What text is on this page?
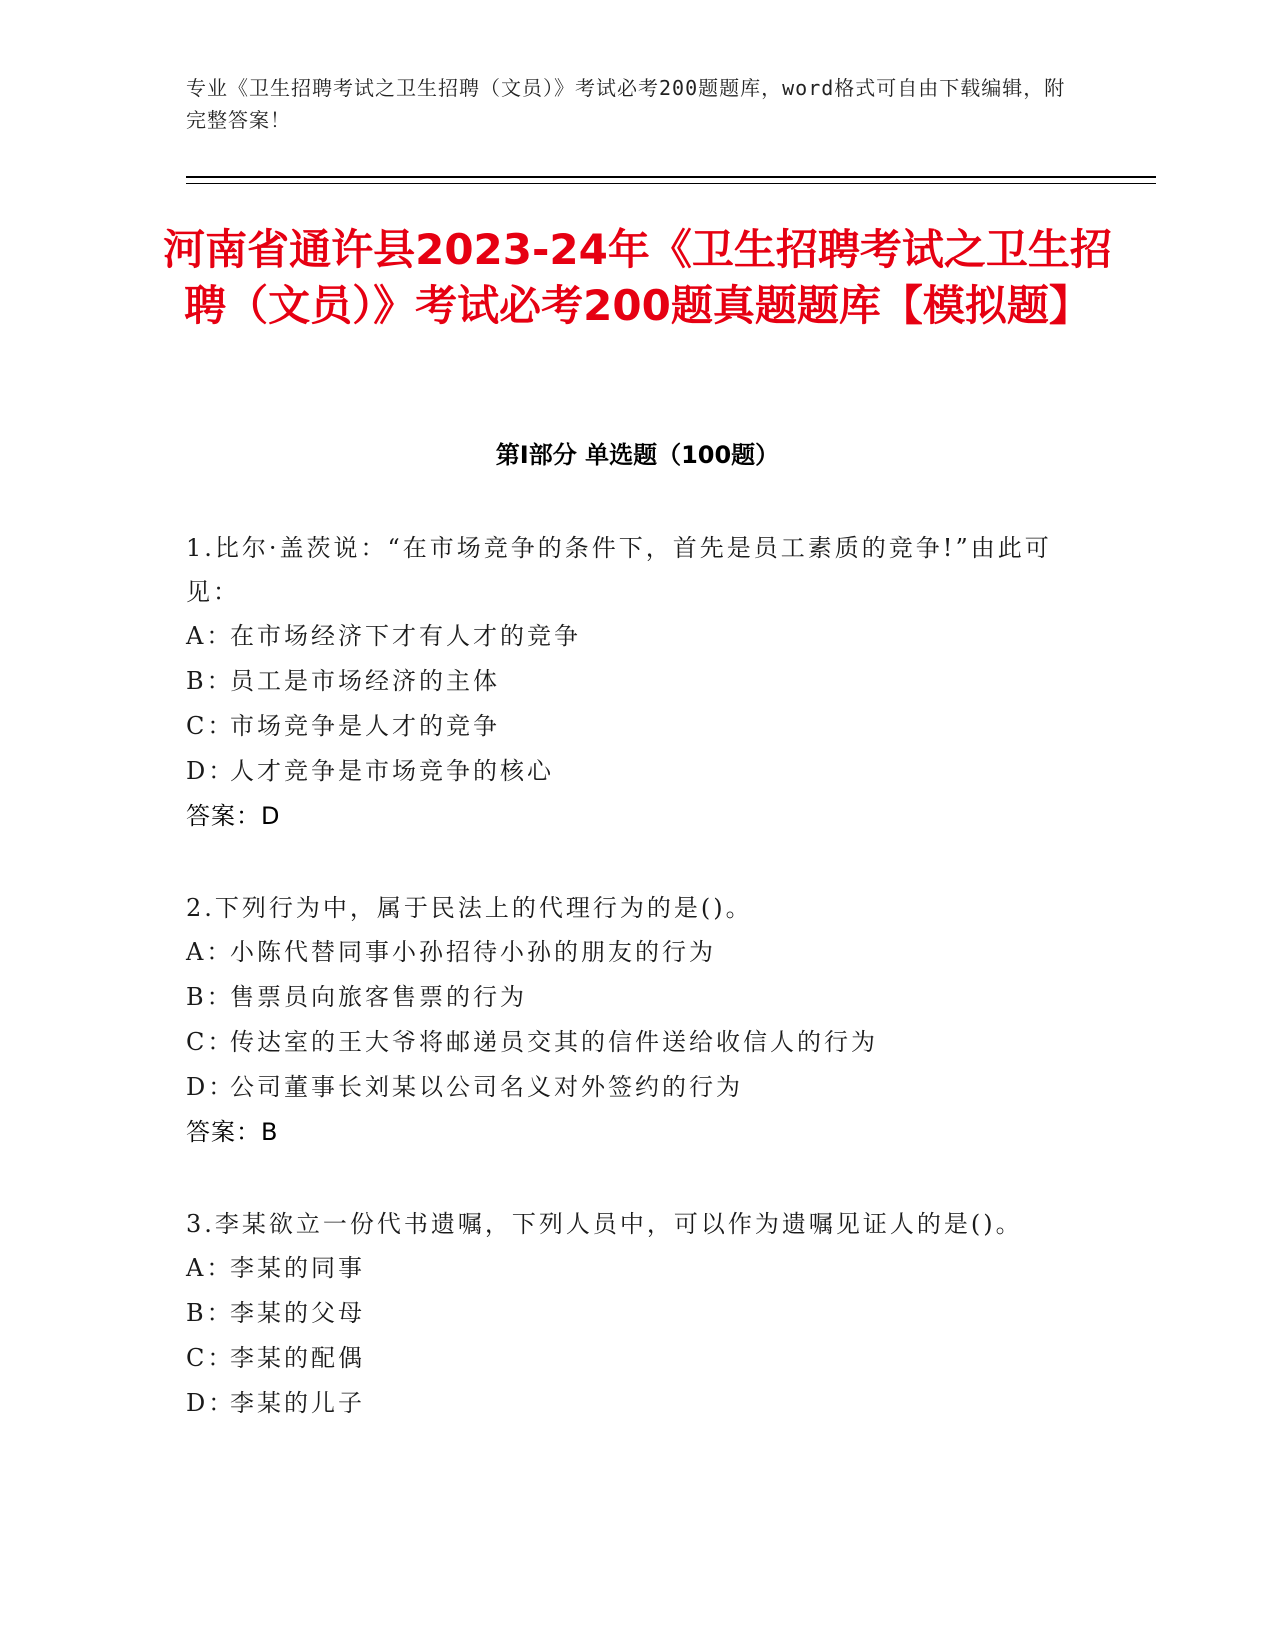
专业《卫生招聘考试之卫生招聘（文员）》考试必考200题题库，word格式可自由下载编辑，附完整答案！
河南省通许县2023-24年《卫生招聘考试之卫生招聘（文员）》考试必考200题真题题库【模拟题】
第Ⅰ部分 单选题（100题）
1.比尔·盖茨说：“在市场竞争的条件下，首先是员工素质的竞争!”由此可见：
A：
在市场经济下才有人才的竞争
B：
员工是市场经济的主体
C：
市场竞争是人才的竞争
D：
人才竞争是市场竞争的核心
答案：D
2.下列行为中，属于民法上的代理行为的是()。
A：
小陈代替同事小孙招待小孙的朋友的行为
B：
售票员向旅客售票的行为
C：
传达室的王大爷将邮递员交其的信件送给收信人的行为
D：
公司董事长刘某以公司名义对外签约的行为
答案：B
3.李某欲立一份代书遗嘱，下列人员中，可以作为遗嘱见证人的是()。
A：
李某的同事
B：
李某的父母
C：
李某的配偶
D：
李某的儿子
